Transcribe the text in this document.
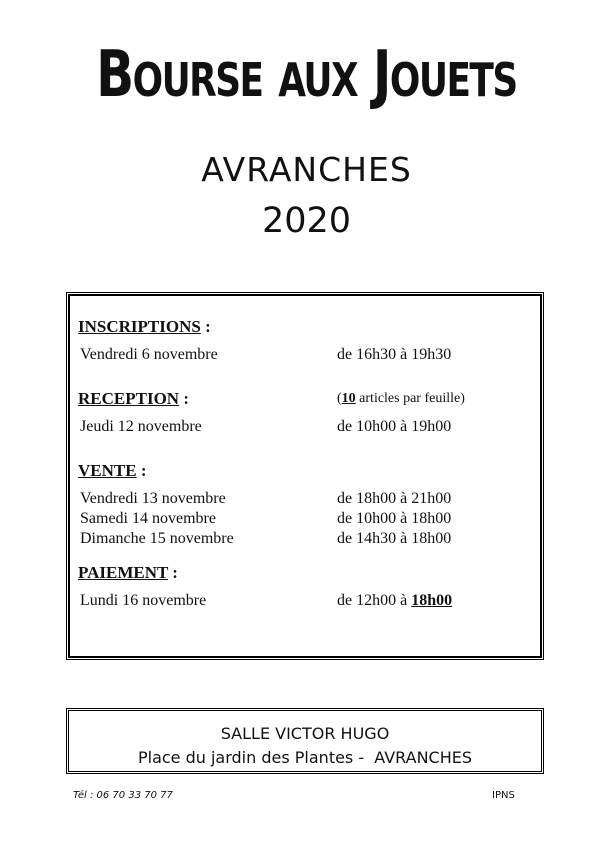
BOURSE AUX JOUETS
AVRANCHES
2020
INSCRIPTIONS :
Vendredi 6 novembre	de 16h30 à 19h30
RECEPTION :	(10 articles par feuille)
Jeudi 12 novembre	de 10h00 à 19h00
VENTE :
Vendredi 13 novembre	de 18h00 à 21h00
Samedi 14 novembre	de 10h00 à 18h00
Dimanche 15 novembre	de 14h30 à 18h00
PAIEMENT :
Lundi 16 novembre	de 12h00 à 18h00
SALLE VICTOR HUGO
Place du jardin des Plantes -  AVRANCHES
Tél : 06 70 33 70 77	IPNS
